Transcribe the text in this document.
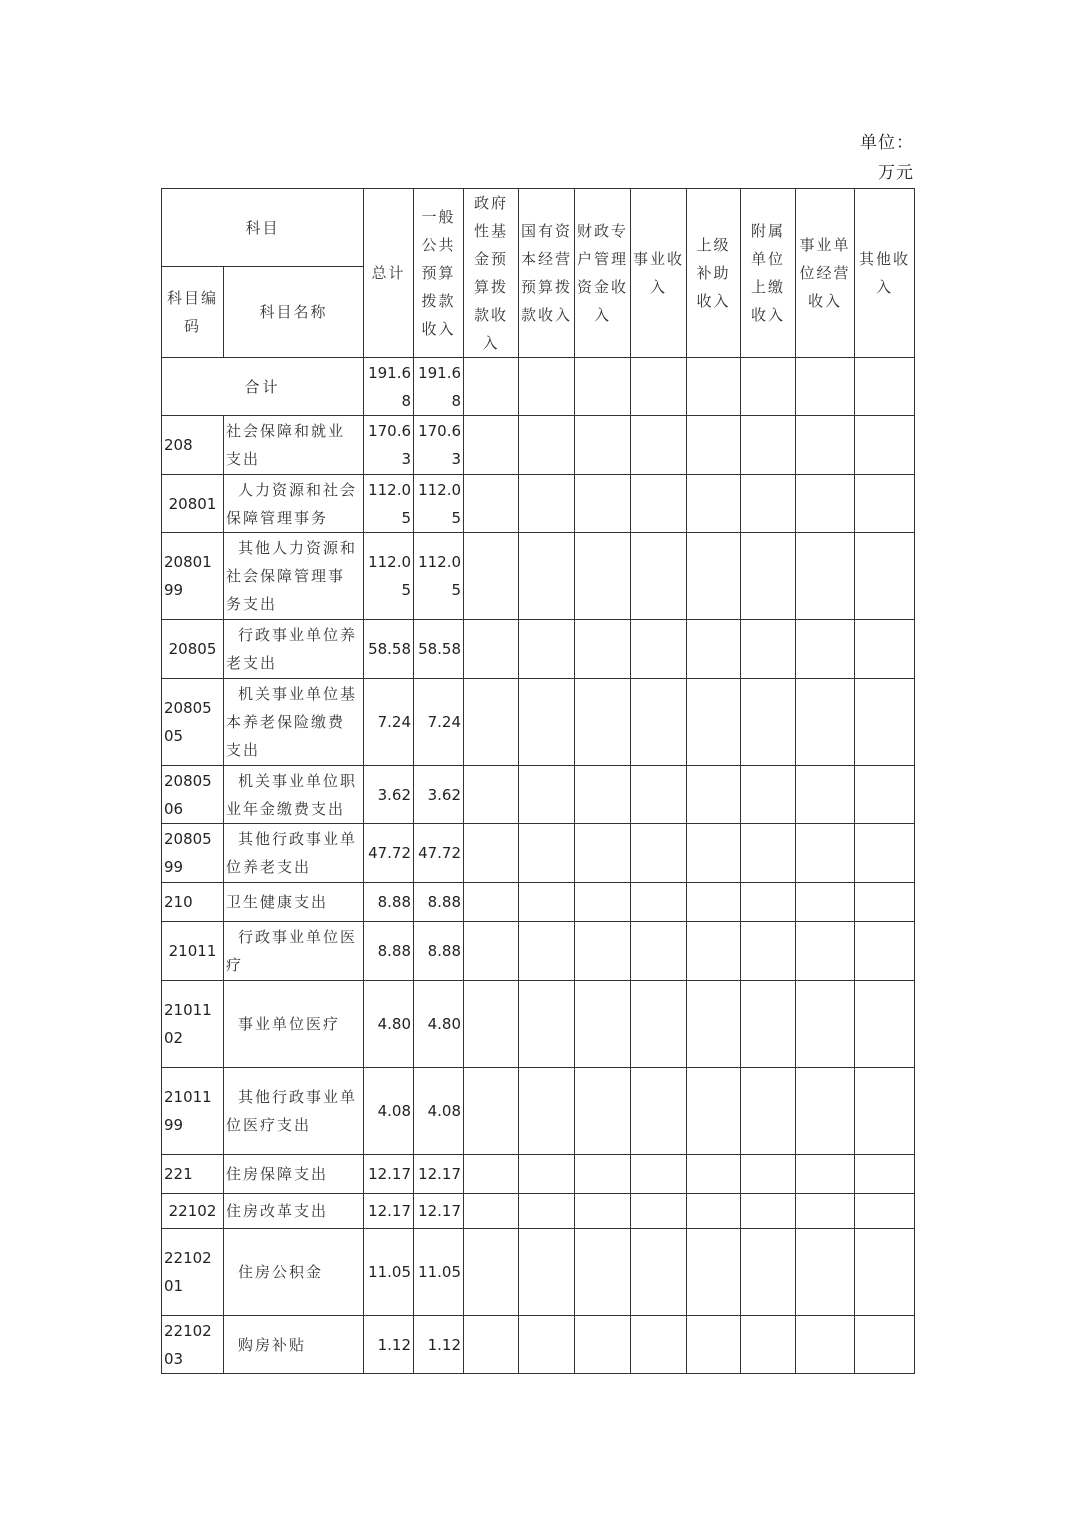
单位：
万元
科目		总计	一般公共预算拨款收入	政府性基金预算拨款收入	国有资本经营预算拨款收入	财政专户管理资金收入	事业收入	上级补助收入	附属单位上缴收入	事业单位经营收入	其他收入
科目编码	科目名称										
合计		191.68	191.68								
208	社会保障和就业支出	170.63	170.63								
20801	人力资源和社会保障管理事务	112.05	112.05								
2080199	其他人力资源和社会保障管理事务支出	112.05	112.05								
20805	行政事业单位养老支出	58.58	58.58								
2080505	机关事业单位基本养老保险缴费支出	7.24	7.24								
2080506	机关事业单位职业年金缴费支出	3.62	3.62								
2080599	其他行政事业单位养老支出	47.72	47.72								
210	卫生健康支出	8.88	8.88								
21011	行政事业单位医疗	8.88	8.88								
2101102	事业单位医疗	4.80	4.80								
2101199	其他行政事业单位医疗支出	4.08	4.08								
221	住房保障支出	12.17	12.17								
22102	住房改革支出	12.17	12.17								
2210201	住房公积金	11.05	11.05								
2210203	购房补贴	1.12	1.12								
